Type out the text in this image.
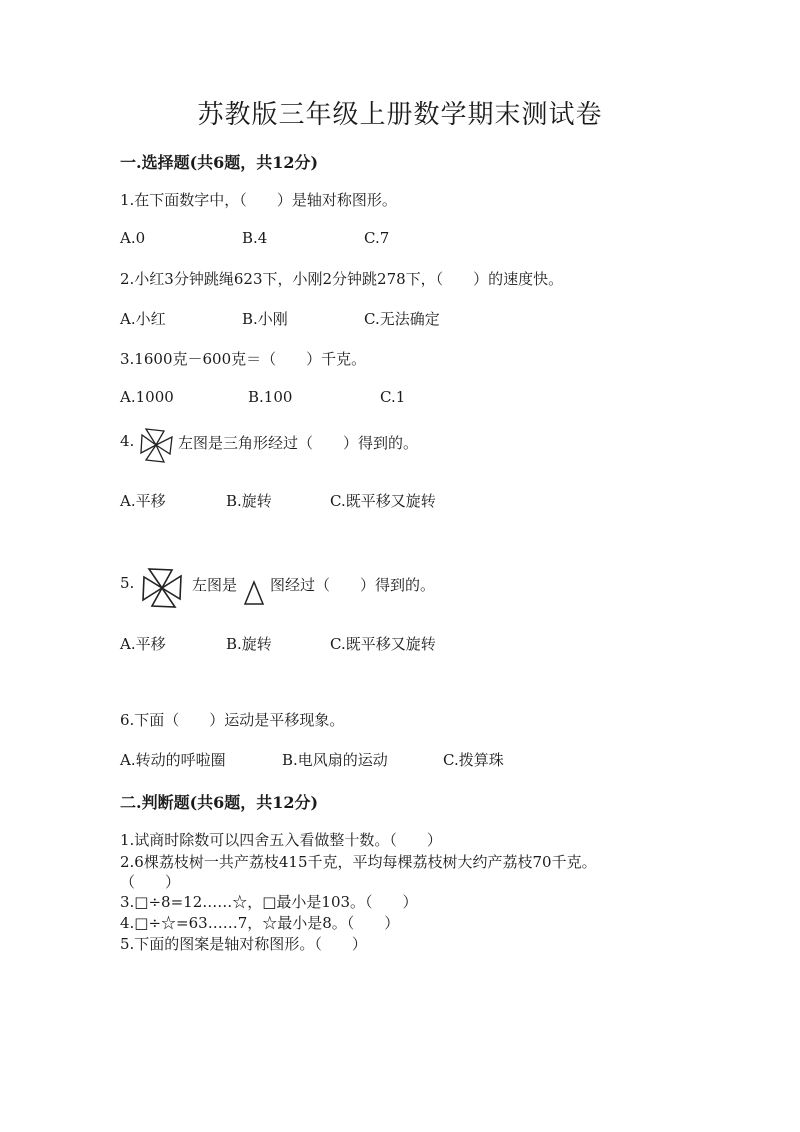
苏教版三年级上册数学期末测试卷
一.选择题(共6题，共12分)
1.在下面数字中，（　　）是轴对称图形。
A.0	B.4	C.7
2.小红3分钟跳绳623下，小刚2分钟跳278下，（　　）的速度快。
A.小红	B.小刚	C.无法确定
3.1600克－600克＝（　　）千克。
A.1000	B.100	C.1
4.	左图是三角形经过（　　）得到的。
A.平移	B.旋转	C.既平移又旋转
5.	左图是 图经过（　　）得到的。
A.平移	B.旋转	C.既平移又旋转
6.下面（　　）运动是平移现象。
A.转动的呼啦圈	B.电风扇的运动	C.拨算珠
二.判断题(共6题，共12分)
1.试商时除数可以四舍五入看做整十数。（　　）
2.6棵荔枝树一共产荔枝415千克，平均每棵荔枝树大约产荔枝70千克。
（　　）
3.□÷8=12……☆，□最小是103。（　　）
4.□÷☆=63……7，☆最小是8。（　　）
5.下面的图案是轴对称图形。（　　）
